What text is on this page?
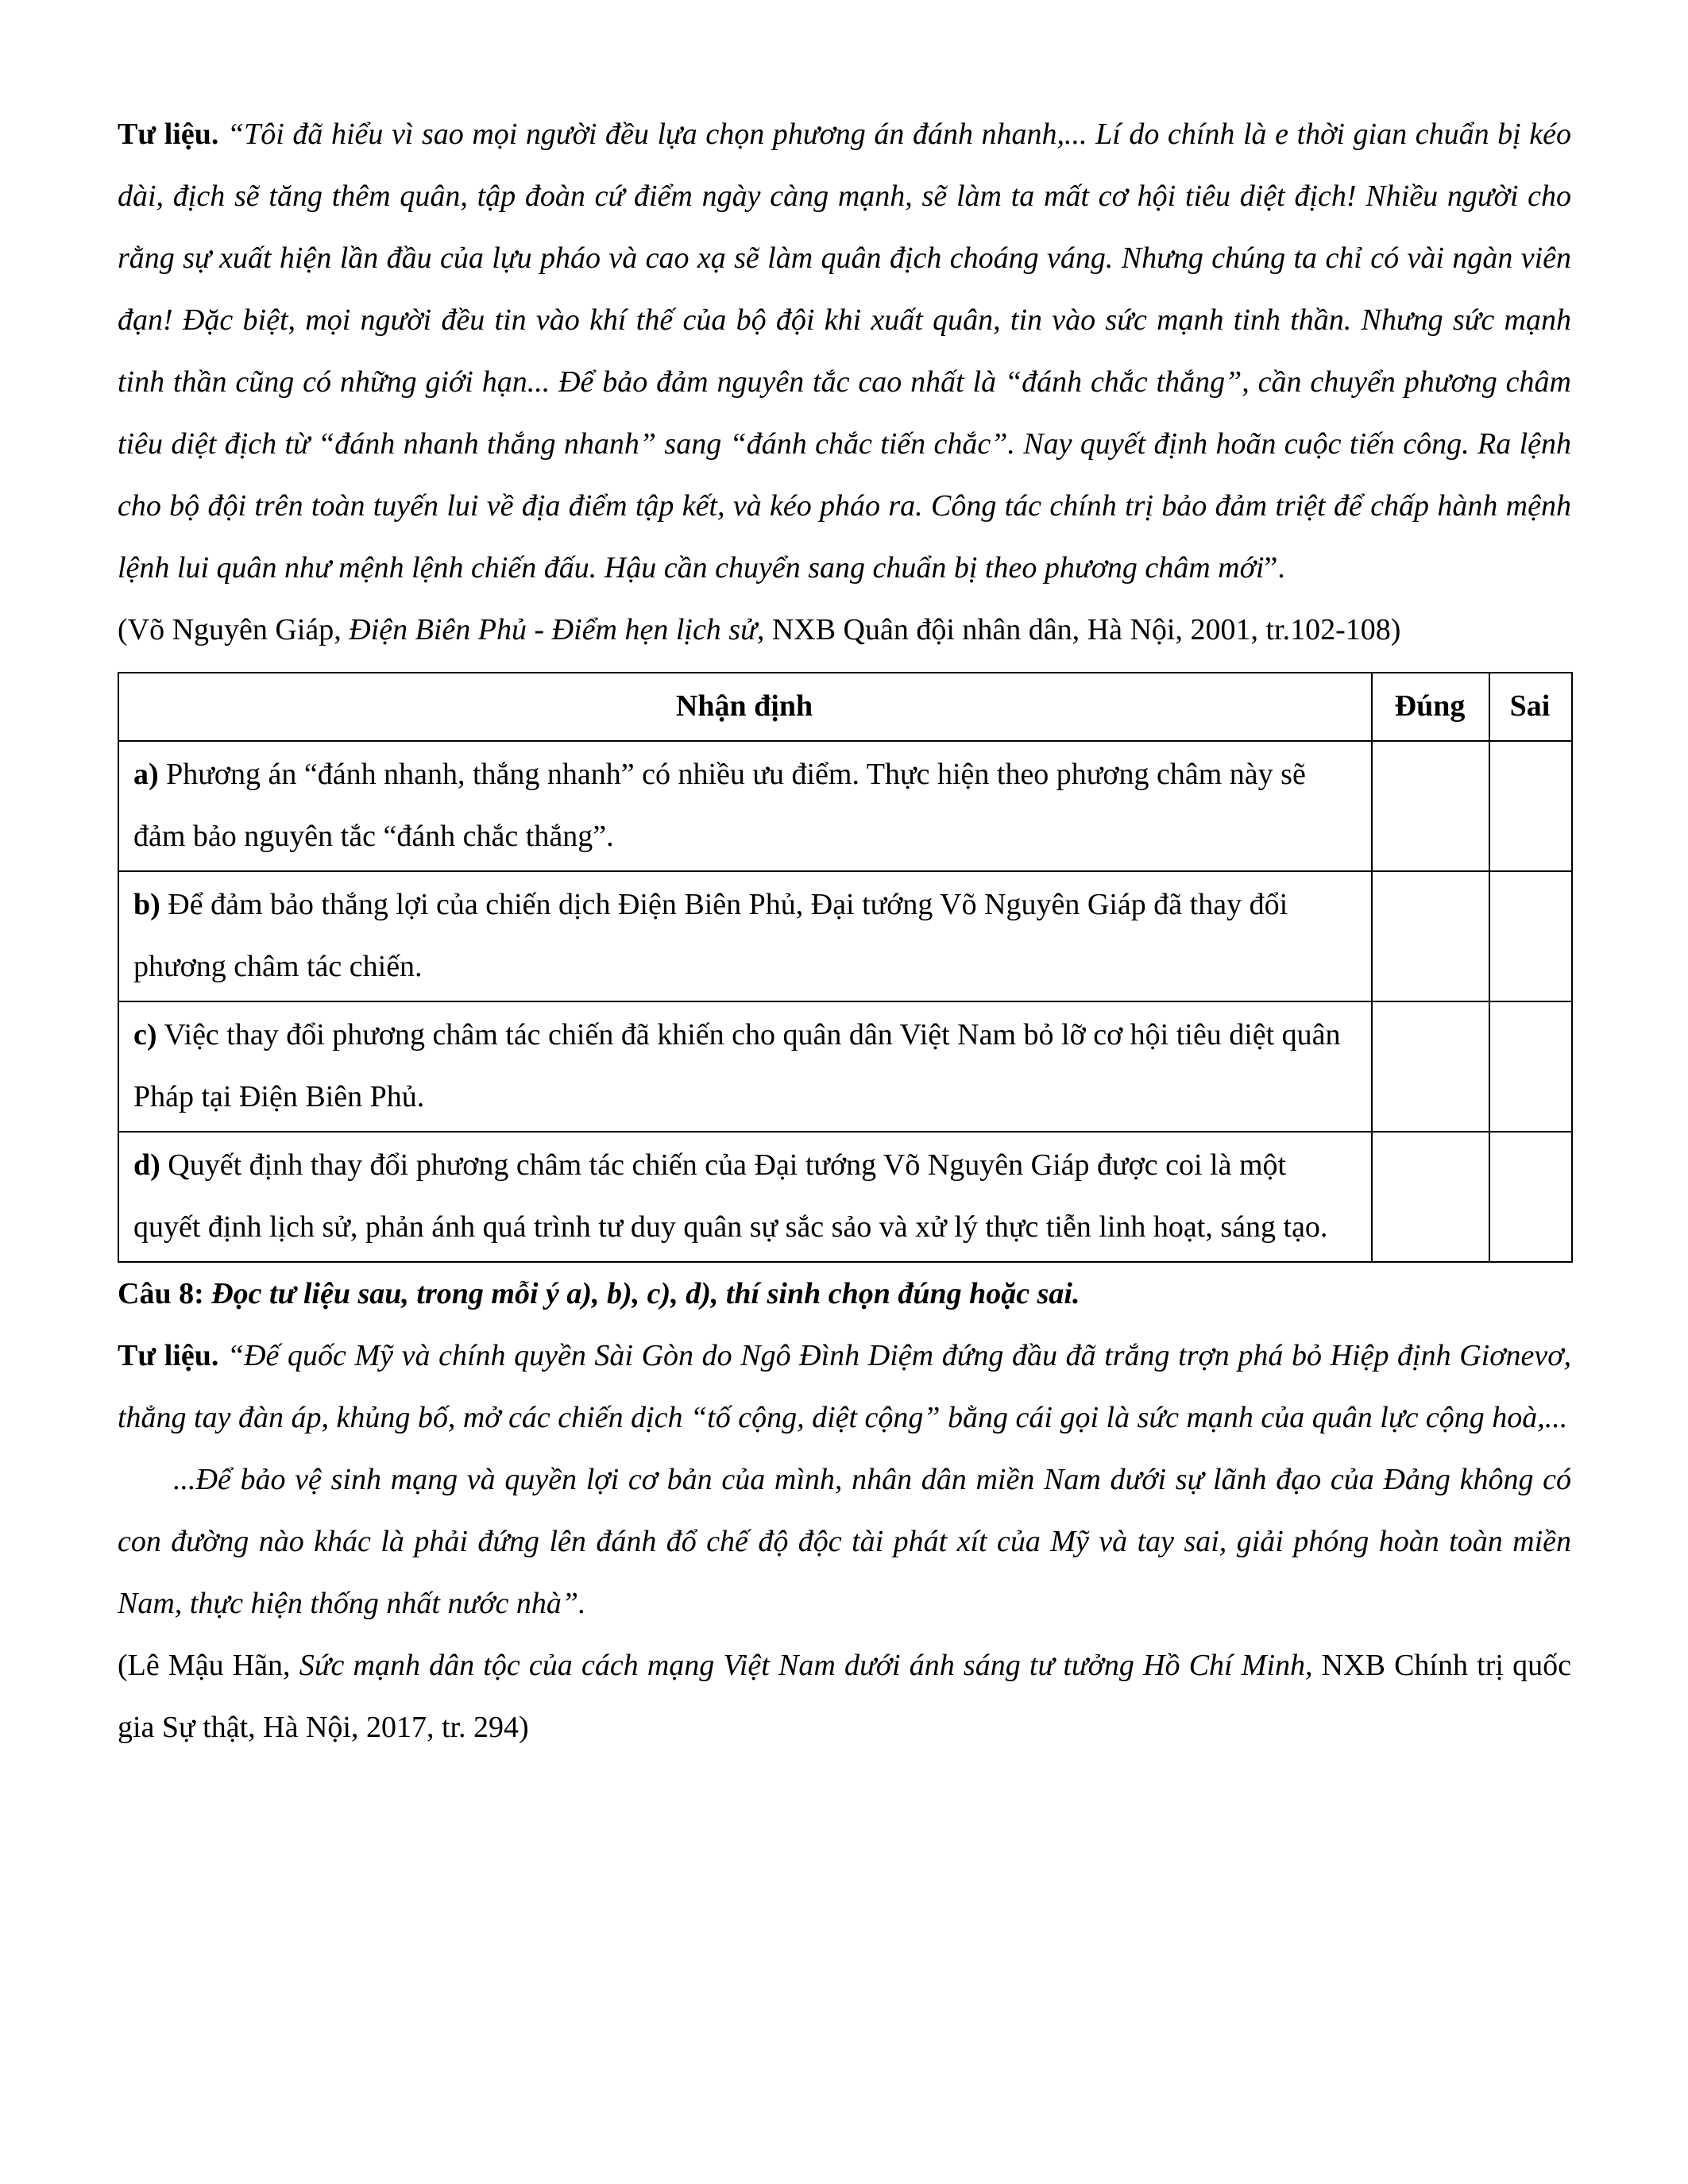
Tư liệu. “Tôi đã hiểu vì sao mọi người đều lựa chọn phương án đánh nhanh,... Lí do chính là e thời gian chuẩn bị kéo dài, địch sẽ tăng thêm quân, tập đoàn cứ điểm ngày càng mạnh, sẽ làm ta mất cơ hội tiêu diệt địch! Nhiều người cho rằng sự xuất hiện lần đầu của lựu pháo và cao xạ sẽ làm quân địch choáng váng. Nhưng chúng ta chỉ có vài ngàn viên đạn! Đặc biệt, mọi người đều tin vào khí thế của bộ đội khi xuất quân, tin vào sức mạnh tinh thần. Nhưng sức mạnh tinh thần cũng có những giới hạn... Để bảo đảm nguyên tắc cao nhất là “đánh chắc thắng”, cần chuyển phương châm tiêu diệt địch từ “đánh nhanh thắng nhanh” sang “đánh chắc tiến chắc”. Nay quyết định hoãn cuộc tiến công. Ra lệnh cho bộ đội trên toàn tuyến lui về địa điểm tập kết, và kéo pháo ra. Công tác chính trị bảo đảm triệt để chấp hành mệnh lệnh lui quân như mệnh lệnh chiến đấu. Hậu cần chuyển sang chuẩn bị theo phương châm mới”.

(Võ Nguyên Giáp, Điện Biên Phủ - Điểm hẹn lịch sử, NXB Quân đội nhân dân, Hà Nội, 2001, tr.102-108)

Nhận định	Đúng	Sai
a) Phương án “đánh nhanh, thắng nhanh” có nhiều ưu điểm. Thực hiện theo phương châm này sẽ đảm bảo nguyên tắc “đánh chắc thắng”.		
b) Để đảm bảo thắng lợi của chiến dịch Điện Biên Phủ, Đại tướng Võ Nguyên Giáp đã thay đổi phương châm tác chiến.		
c) Việc thay đổi phương châm tác chiến đã khiến cho quân dân Việt Nam bỏ lỡ cơ hội tiêu diệt quân Pháp tại Điện Biên Phủ.		
d) Quyết định thay đổi phương châm tác chiến của Đại tướng Võ Nguyên Giáp được coi là một quyết định lịch sử, phản ánh quá trình tư duy quân sự sắc sảo và xử lý thực tiễn linh hoạt, sáng tạo.		

Câu 8: Đọc tư liệu sau, trong mỗi ý a), b), c), d), thí sinh chọn đúng hoặc sai.

Tư liệu. “Đế quốc Mỹ và chính quyền Sài Gòn do Ngô Đình Diệm đứng đầu đã trắng trợn phá bỏ Hiệp định Giơnevơ, thẳng tay đàn áp, khủng bố, mở các chiến dịch “tố cộng, diệt cộng” bằng cái gọi là sức mạnh của quân lực cộng hoà,...

...Để bảo vệ sinh mạng và quyền lợi cơ bản của mình, nhân dân miền Nam dưới sự lãnh đạo của Đảng không có con đường nào khác là phải đứng lên đánh đổ chế độ độc tài phát xít của Mỹ và tay sai, giải phóng hoàn toàn miền Nam, thực hiện thống nhất nước nhà”.

(Lê Mậu Hãn, Sức mạnh dân tộc của cách mạng Việt Nam dưới ánh sáng tư tưởng Hồ Chí Minh, NXB Chính trị quốc gia Sự thật, Hà Nội, 2017, tr. 294)
